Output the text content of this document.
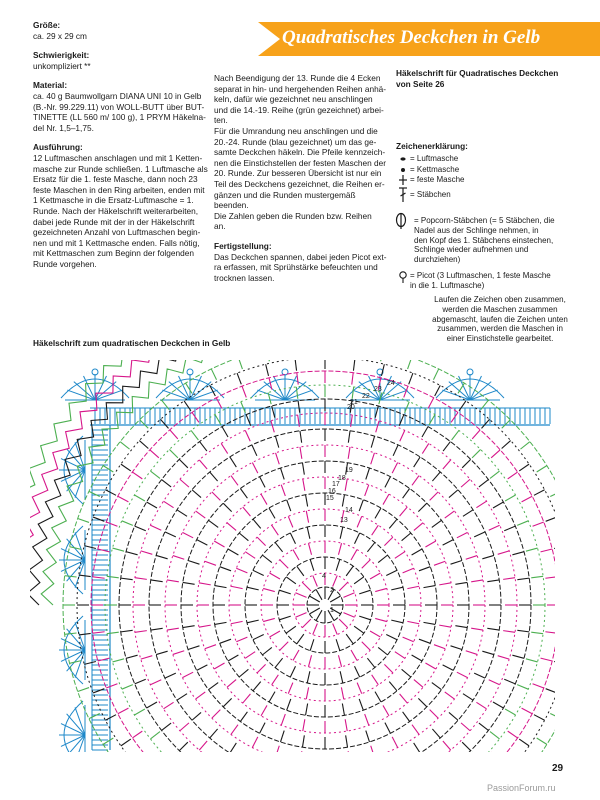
Quadratisches Deckchen in Gelb

Größe:

ca. 29 x 29 cm

Schwierigkeit:

unkompliziert **

Material:

ca. 40 g Baumwollgarn DIANA UNI 10 in Gelb

(B.-Nr. 99.229.11) von WOLL-BUTT über BUT-

TINETTE (LL 560 m/ 100 g), 1 PRYM Häkelna-

del Nr. 1,5–1,75.

Ausführung:

12 Luftmaschen anschlagen und mit 1 Ketten-

masche zur Runde schließen. 1 Luftmasche als

Ersatz für die 1. feste Masche, dann noch 23

feste Maschen in den Ring arbeiten, enden mit

1 Kettmasche in die Ersatz-Luftmasche = 1.

Runde. Nach der Häkelschrift weiterarbeiten,

dabei jede Runde mit der in der Häkelschrift

gezeichneten Anzahl von Luftmaschen begin-

nen und mit 1 Kettmasche enden. Falls nötig,

mit Kettmaschen zum Beginn der folgenden

Runde vorgehen.

Nach Beendigung der 13. Runde die 4 Ecken

separat in hin- und hergehenden Reihen anhä-

keln, dafür wie gezeichnet neu anschlingen

und die 14.-19. Reihe (grün gezeichnet) arbei-

ten.

Für die Umrandung neu anschlingen und die

20.-24. Runde (blau gezeichnet) um das ge-

samte Deckchen häkeln. Die Pfeile kennzeich-

nen die Einstichstellen der festen Maschen der

20. Runde. Zur besseren Übersicht ist nur ein

Teil des Deckchens gezeichnet, die Reihen er-

gänzen und die Runden mustergemäß beenden.

Die Zahlen geben die Runden bzw. Reihen

an.

Fertigstellung:

Das Deckchen spannen, dabei jeden Picot ext-

ra erfassen, mit Sprühstärke befeuchten und

trocknen lassen.

Häkelschrift für Quadratisches Deckchen

von Seite 26

Zeichenerklärung:
= Luftmasche
= Kettmasche
= feste Masche
= Stäbchen

= Popcorn-Stäbchen (= 5 Stäbchen, die

Nadel aus der Schlinge nehmen, in

den Kopf des 1. Stäbchens einstechen,

Schlinge wieder aufnehmen und

durchziehen)

= Picot (3 Luftmaschen, 1 feste Masche

in die 1. Luftmasche)

Laufen die Zeichen oben zusammen,

werden die Maschen zusammen

abgemascht, laufen die Zeichen unten

zusammen, werden die Maschen in

einer Einstichstelle gearbeitet.

Häkelschrift zum quadratischen Deckchen in Gelb
1
2
4
24
23
22
21
20
19
18
17
16
15
14
13
29
PassionForum.ru
